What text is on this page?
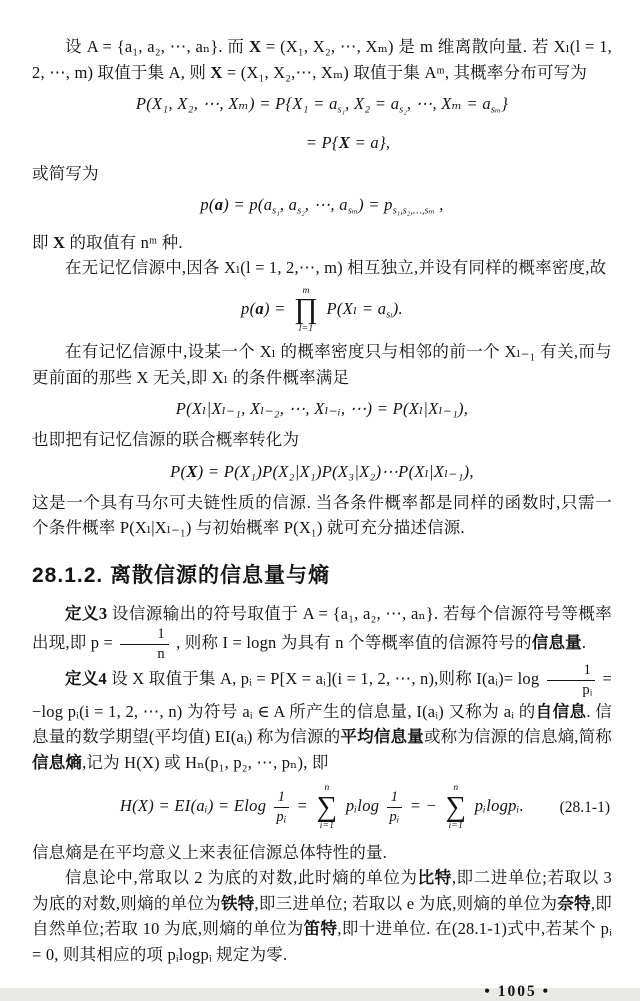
设 A = {a₁, a₂, ⋯, aₙ}. 而 X = (X₁, X₂, ⋯, Xₘ) 是 m 维离散向量. 若 Xₗ(l = 1, 2, ⋯, m) 取值于集 A, 则 X = (X₁, X₂,⋯, Xₘ) 取值于集 Aᵐ, 其概率分布可写为

P(X₁, X₂, ⋯, $X_m) = P\{X_1 = a_{s_1}$, $X_2 = a_{s_2}$, ⋯, $X_m = a_{s_m}$}
= P{X = a},

或简写为

$p(a) = p(a_{s_1}$, $a_{s_2}$, ⋯, $a_{s_m}) = p_{s_1,s_2,\dots,s_m}$ ,

即 X 的取值有 nᵐ 种.

在无记忆信源中,因各 Xₗ(l = 1, 2,⋯, m) 相互独立,并设有同样的概率密度,故

p(a) =
m
∏
l=1
$P(X_l = a_{s_l})$.

在有记忆信源中,设某一个 Xₗ 的概率密度只与相邻的前一个 Xₗ₋₁ 有关,而与更前面的那些 X 无关,即 Xₗ 的条件概率满足

P(Xₗ|Xₗ₋₁, Xₗ₋₂, ⋯, Xₗ₋ᵢ, ⋯) = P(Xₗ|Xₗ₋₁),

也即把有记忆信源的联合概率转化为

P(X) = P(X₁)P(X₂|X₁)P(X₃|X₂)⋯P(Xₗ|Xₗ₋₁),

这是一个具有马尔可夫链性质的信源. 当各条件概率都是同样的函数时,只需一个条件概率 P(Xₗ|Xₗ₋₁) 与初始概率 P(X₁) 就可充分描述信源.

28.1.2. 离散信源的信息量与熵

定义3 设信源输出的符号取值于 A = {a₁, a₂, ⋯, aₙ}. 若每个信源符号等概率出现,即 $p = \frac{1}{n}$ , 则称 I = logn 为具有 n 个等概率值的信源符号的信息量.

定义4 设 X 取值于集 A, pᵢ = P[X = aᵢ](i = 1, 2, ⋯, n),则称 I(aᵢ)= $\log \frac{1}{\text{pᵢ}} = -\log$ pᵢ(i = 1, 2, ⋯, n) 为符号 aᵢ ∈ A 所产生的信息量, I(aᵢ) 又称为 aᵢ 的自信息. 信息量的数学期望(平均值) EI(aᵢ) 称为信源的平均信息量或称为信源的信息熵,简称信息熵,记为 H(X) 或 Hₙ(p₁, p₂, ⋯, pₙ), 即

H(X) = EI(aᵢ) = Elog $\frac{1}{\text{pᵢ}}$ =
n
∑
i=1
pᵢlog $\frac{1}{\text{pᵢ}}$ = −
n
∑
i=1
pᵢlogpᵢ.	(28.1-1)

信息熵是在平均意义上来表征信源总体特性的量.

信息论中,常取以 2 为底的对数,此时熵的单位为比特,即二进单位;若取以 3 为底的对数,则熵的单位为铁特,即三进单位; 若取以 e 为底,则熵的单位为奈特,即自然单位;若取 10 为底,则熵的单位为笛特,即十进单位. 在(28.1-1)式中,若某个 pᵢ = 0, 则其相应的项 pᵢlogpᵢ 规定为零.

• 1005 •
